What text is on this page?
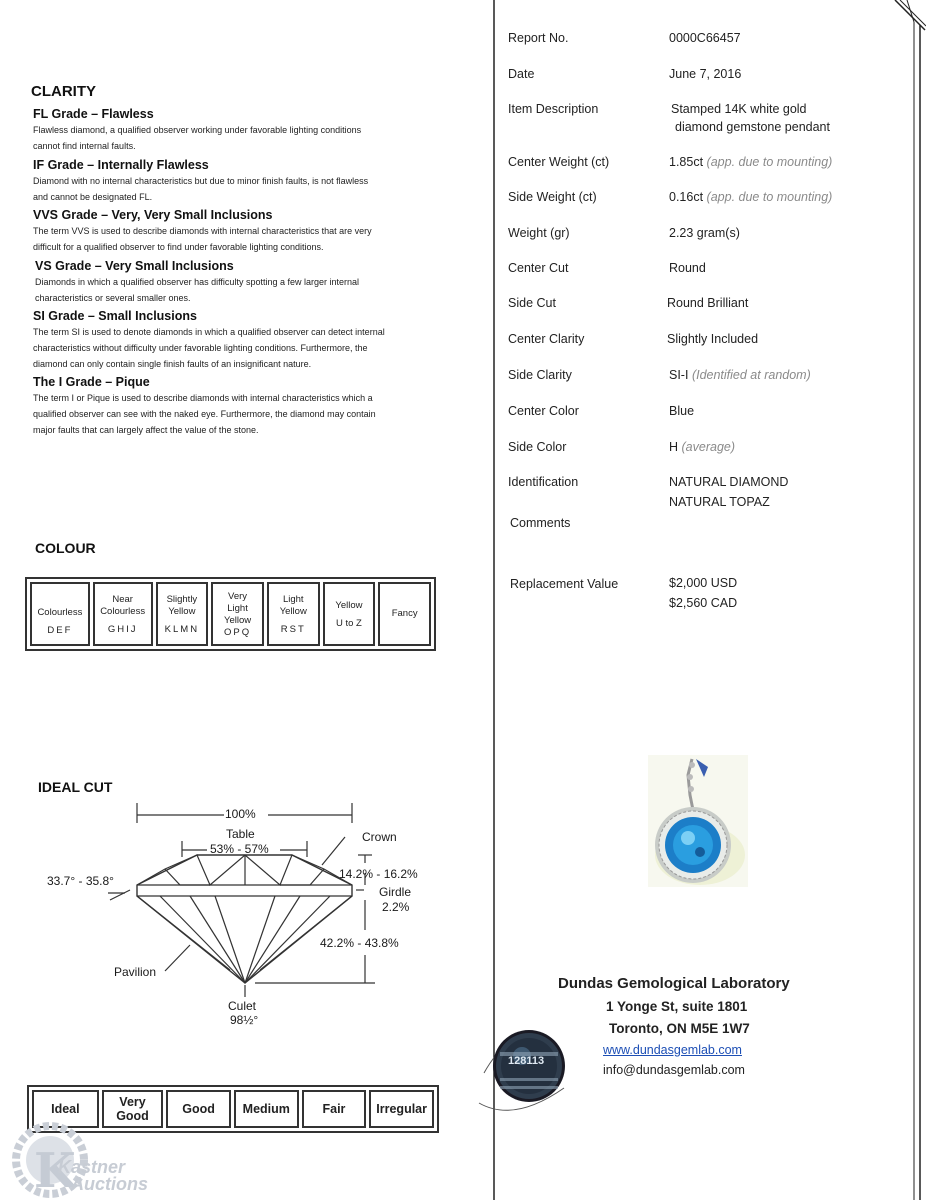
CLARITY
FL Grade – Flawless
Flawless diamond, a qualified observer working under favorable lighting conditions
cannot find internal faults.
IF Grade – Internally Flawless
Diamond with no internal characteristics but due to minor finish faults, is not flawless
and cannot be designated FL.
VVS Grade – Very, Very Small Inclusions
The term VVS is used to describe diamonds with internal characteristics that are very
difficult for a qualified observer to find under favorable lighting conditions.
VS Grade – Very Small Inclusions
Diamonds in which a qualified observer has difficulty spotting a few larger internal
characteristics or several smaller ones.
SI Grade – Small Inclusions
The term SI is used to denote diamonds in which a qualified observer can detect internal
characteristics without difficulty under favorable lighting conditions. Furthermore, the
diamond can only contain single finish faults of an insignificant nature.
The I Grade – Pique
The term I or Pique is used to describe diamonds with internal characteristics which a
qualified observer can see with the naked eye. Furthermore, the diamond may contain
major faults that can largely affect the value of the stone.
COLOUR
Colourless
DEF

Near Colourless
GHIJ

Slightly Yellow
KLMN

Very Light Yellow
OPQ

Light Yellow
RST

Yellow
U to Z

Fancy
IDEAL CUT
100%
Table
53% - 57%
Crown
33.7° - 35.8°	14.2% - 16.2%
Girdle
2.2%
42.2% - 43.8%
Pavilion
Culet
98½°
Ideal	Very Good	Good	Medium	Fair	Irregular
Report No.	0000C66457
Date	June 7, 2016
Item Description	Stamped 14K white gold
diamond gemstone pendant
Center Weight (ct)	1.85ct (app. due to mounting)
Side Weight (ct)	0.16ct (app. due to mounting)
Weight (gr)	2.23 gram(s)
Center Cut	Round
Side Cut	Round Brilliant
Center Clarity	Slightly Included
Side Clarity	SI-I (Identified at random)
Center Color	Blue
Side Color	H (average)
Identification	NATURAL DIAMOND
NATURAL TOPAZ
Comments
Replacement Value	$2,000 USD
$2,560 CAD
Dundas Gemological Laboratory
1 Yonge St, suite 1801
Toronto, ON M5E 1W7
www.dundasgemlab.com
info@dundasgemlab.com
128113
K
Kastner
Auctions
